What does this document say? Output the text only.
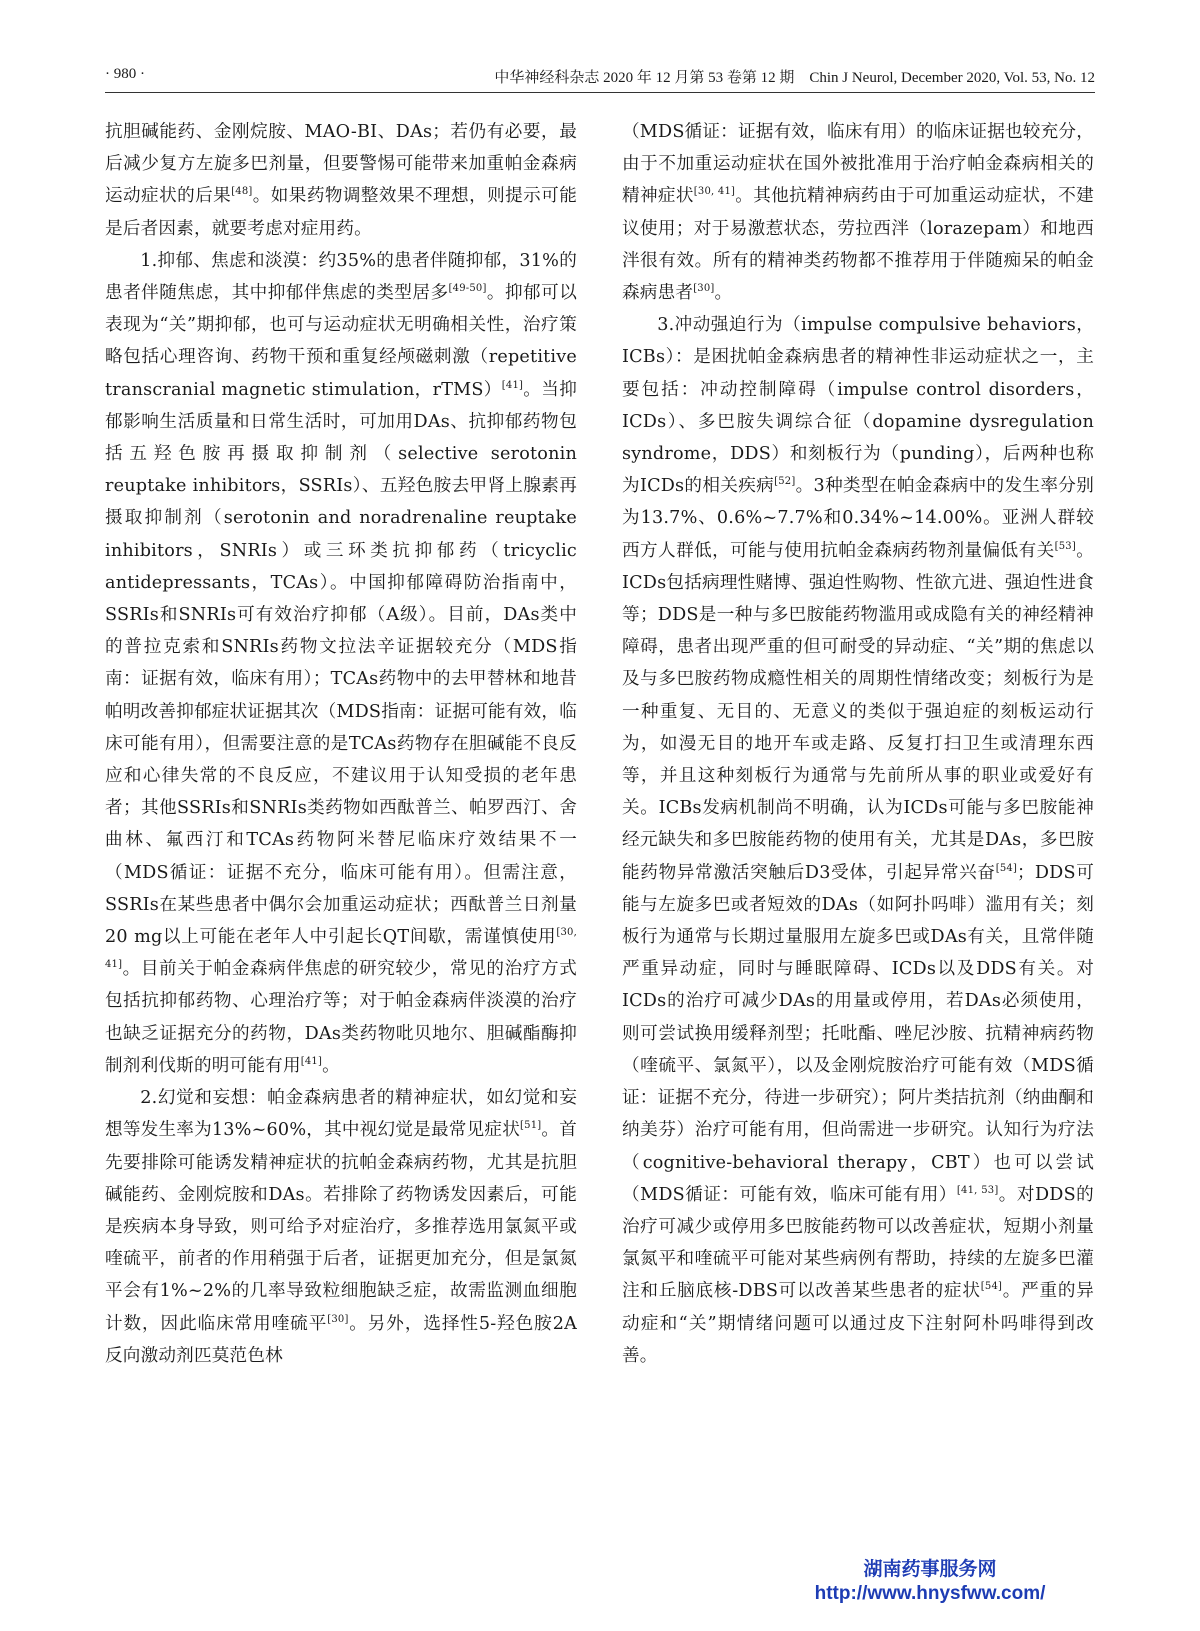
· 980 ·	中华神经科杂志 2020 年 12 月第 53 卷第 12 期　Chin J Neurol, December 2020, Vol. 53, No. 12

抗胆碱能药、金刚烷胺、MAO-BI、DAs；若仍有必要，最后减少复方左旋多巴剂量，但要警惕可能带来加重帕金森病运动症状的后果[48]。如果药物调整效果不理想，则提示可能是后者因素，就要考虑对症用药。

1.抑郁、焦虑和淡漠：约35%的患者伴随抑郁，31%的患者伴随焦虑，其中抑郁伴焦虑的类型居多[49-50]。抑郁可以表现为“关”期抑郁，也可与运动症状无明确相关性，治疗策略包括心理咨询、药物干预和重复经颅磁刺激（repetitive transcranial magnetic stimulation，rTMS）[41]。当抑郁影响生活质量和日常生活时，可加用DAs、抗抑郁药物包括五羟色胺再摄取抑制剂（selective serotonin reuptake inhibitors，SSRIs）、五羟色胺去甲肾上腺素再摄取抑制剂（serotonin and noradrenaline reuptake inhibitors，SNRIs）或三环类抗抑郁药（tricyclic antidepressants，TCAs）。中国抑郁障碍防治指南中，SSRIs和SNRIs可有效治疗抑郁（A级）。目前，DAs类中的普拉克索和SNRIs药物文拉法辛证据较充分（MDS指南：证据有效，临床有用）；TCAs药物中的去甲替林和地昔帕明改善抑郁症状证据其次（MDS指南：证据可能有效，临床可能有用），但需要注意的是TCAs药物存在胆碱能不良反应和心律失常的不良反应，不建议用于认知受损的老年患者；其他SSRIs和SNRIs类药物如西酞普兰、帕罗西汀、舍曲林、氟西汀和TCAs药物阿米替尼临床疗效结果不一（MDS循证：证据不充分，临床可能有用）。但需注意，SSRIs在某些患者中偶尔会加重运动症状；西酞普兰日剂量20 mg以上可能在老年人中引起长QT间歇，需谨慎使用[30, 41]。目前关于帕金森病伴焦虑的研究较少，常见的治疗方式包括抗抑郁药物、心理治疗等；对于帕金森病伴淡漠的治疗也缺乏证据充分的药物，DAs类药物吡贝地尔、胆碱酯酶抑制剂利伐斯的明可能有用[41]。

2.幻觉和妄想：帕金森病患者的精神症状，如幻觉和妄想等发生率为13%~60%，其中视幻觉是最常见症状[51]。首先要排除可能诱发精神症状的抗帕金森病药物，尤其是抗胆碱能药、金刚烷胺和DAs。若排除了药物诱发因素后，可能是疾病本身导致，则可给予对症治疗，多推荐选用氯氮平或喹硫平，前者的作用稍强于后者，证据更加充分，但是氯氮平会有1%~2%的几率导致粒细胞缺乏症，故需监测血细胞计数，因此临床常用喹硫平[30]。另外，选择性5-羟色胺2A反向激动剂匹莫范色林

（MDS循证：证据有效，临床有用）的临床证据也较充分，由于不加重运动症状在国外被批准用于治疗帕金森病相关的精神症状[30, 41]。其他抗精神病药由于可加重运动症状，不建议使用；对于易激惹状态，劳拉西泮（lorazepam）和地西泮很有效。所有的精神类药物都不推荐用于伴随痴呆的帕金森病患者[30]。

3.冲动强迫行为（impulse compulsive behaviors，ICBs）：是困扰帕金森病患者的精神性非运动症状之一，主要包括：冲动控制障碍（impulse control disorders，ICDs）、多巴胺失调综合征（dopamine dysregulation syndrome，DDS）和刻板行为（punding），后两种也称为ICDs的相关疾病[52]。3种类型在帕金森病中的发生率分别为13.7%、0.6%~7.7%和0.34%~14.00%。亚洲人群较西方人群低，可能与使用抗帕金森病药物剂量偏低有关[53]。ICDs包括病理性赌博、强迫性购物、性欲亢进、强迫性进食等；DDS是一种与多巴胺能药物滥用或成隐有关的神经精神障碍，患者出现严重的但可耐受的异动症、“关”期的焦虑以及与多巴胺药物成瘾性相关的周期性情绪改变；刻板行为是一种重复、无目的、无意义的类似于强迫症的刻板运动行为，如漫无目的地开车或走路、反复打扫卫生或清理东西等，并且这种刻板行为通常与先前所从事的职业或爱好有关。ICBs发病机制尚不明确，认为ICDs可能与多巴胺能神经元缺失和多巴胺能药物的使用有关，尤其是DAs，多巴胺能药物异常激活突触后D3受体，引起异常兴奋[54]；DDS可能与左旋多巴或者短效的DAs（如阿扑吗啡）滥用有关；刻板行为通常与长期过量服用左旋多巴或DAs有关，且常伴随严重异动症，同时与睡眠障碍、ICDs以及DDS有关。对ICDs的治疗可减少DAs的用量或停用，若DAs必须使用，则可尝试换用缓释剂型；托吡酯、唑尼沙胺、抗精神病药物（喹硫平、氯氮平），以及金刚烷胺治疗可能有效（MDS循证：证据不充分，待进一步研究）；阿片类拮抗剂（纳曲酮和纳美芬）治疗可能有用，但尚需进一步研究。认知行为疗法（cognitive-behavioral therapy，CBT）也可以尝试（MDS循证：可能有效，临床可能有用）[41, 53]。对DDS的治疗可减少或停用多巴胺能药物可以改善症状，短期小剂量氯氮平和喹硫平可能对某些病例有帮助，持续的左旋多巴灌注和丘脑底核-DBS可以改善某些患者的症状[54]。严重的异动症和“关”期情绪问题可以通过皮下注射阿朴吗啡得到改善。

湖南药事服务网
http://www.hnysfww.com/
